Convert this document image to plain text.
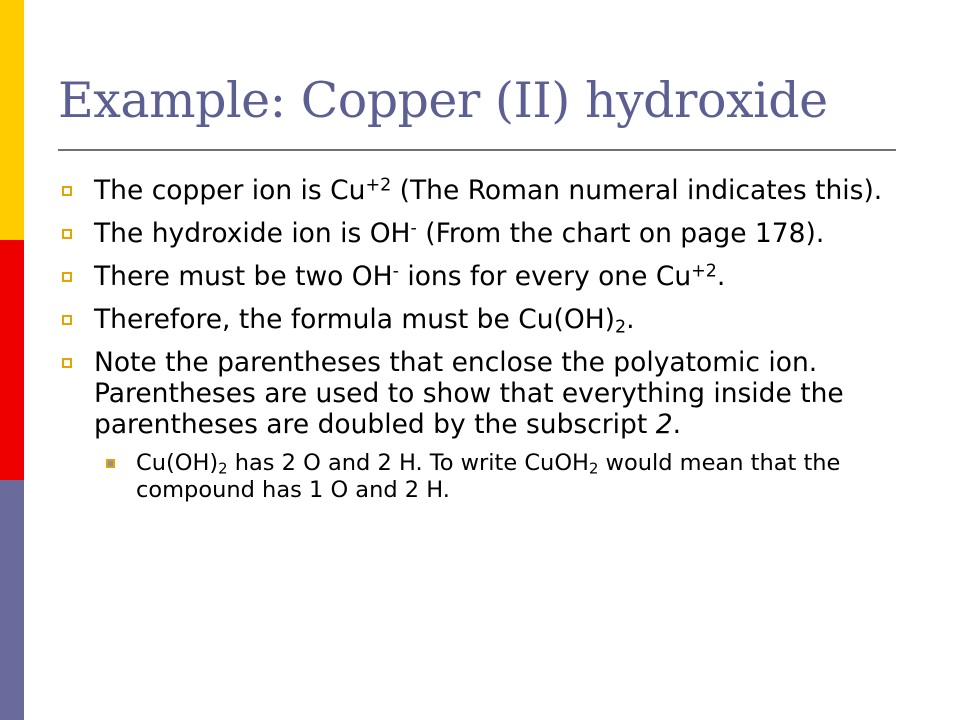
Example: Copper (II) hydroxide
The copper ion is $Cu^{+2}$ (The Roman numeral indicates this).
The hydroxide ion is OH- (From the chart on page 178).
There must be two OH- ions for every one $Cu^{+2}$.
Therefore, the formula must be $Cu(OH)_2$.
Note the parentheses that enclose the polyatomic ion. Parentheses are used to show that everything inside the parentheses are doubled by the subscript 2.
$Cu(OH)_2$ has 2 O and 2 H. To write CuOH$_2$ would mean that the compound has 1 O and 2 H.
